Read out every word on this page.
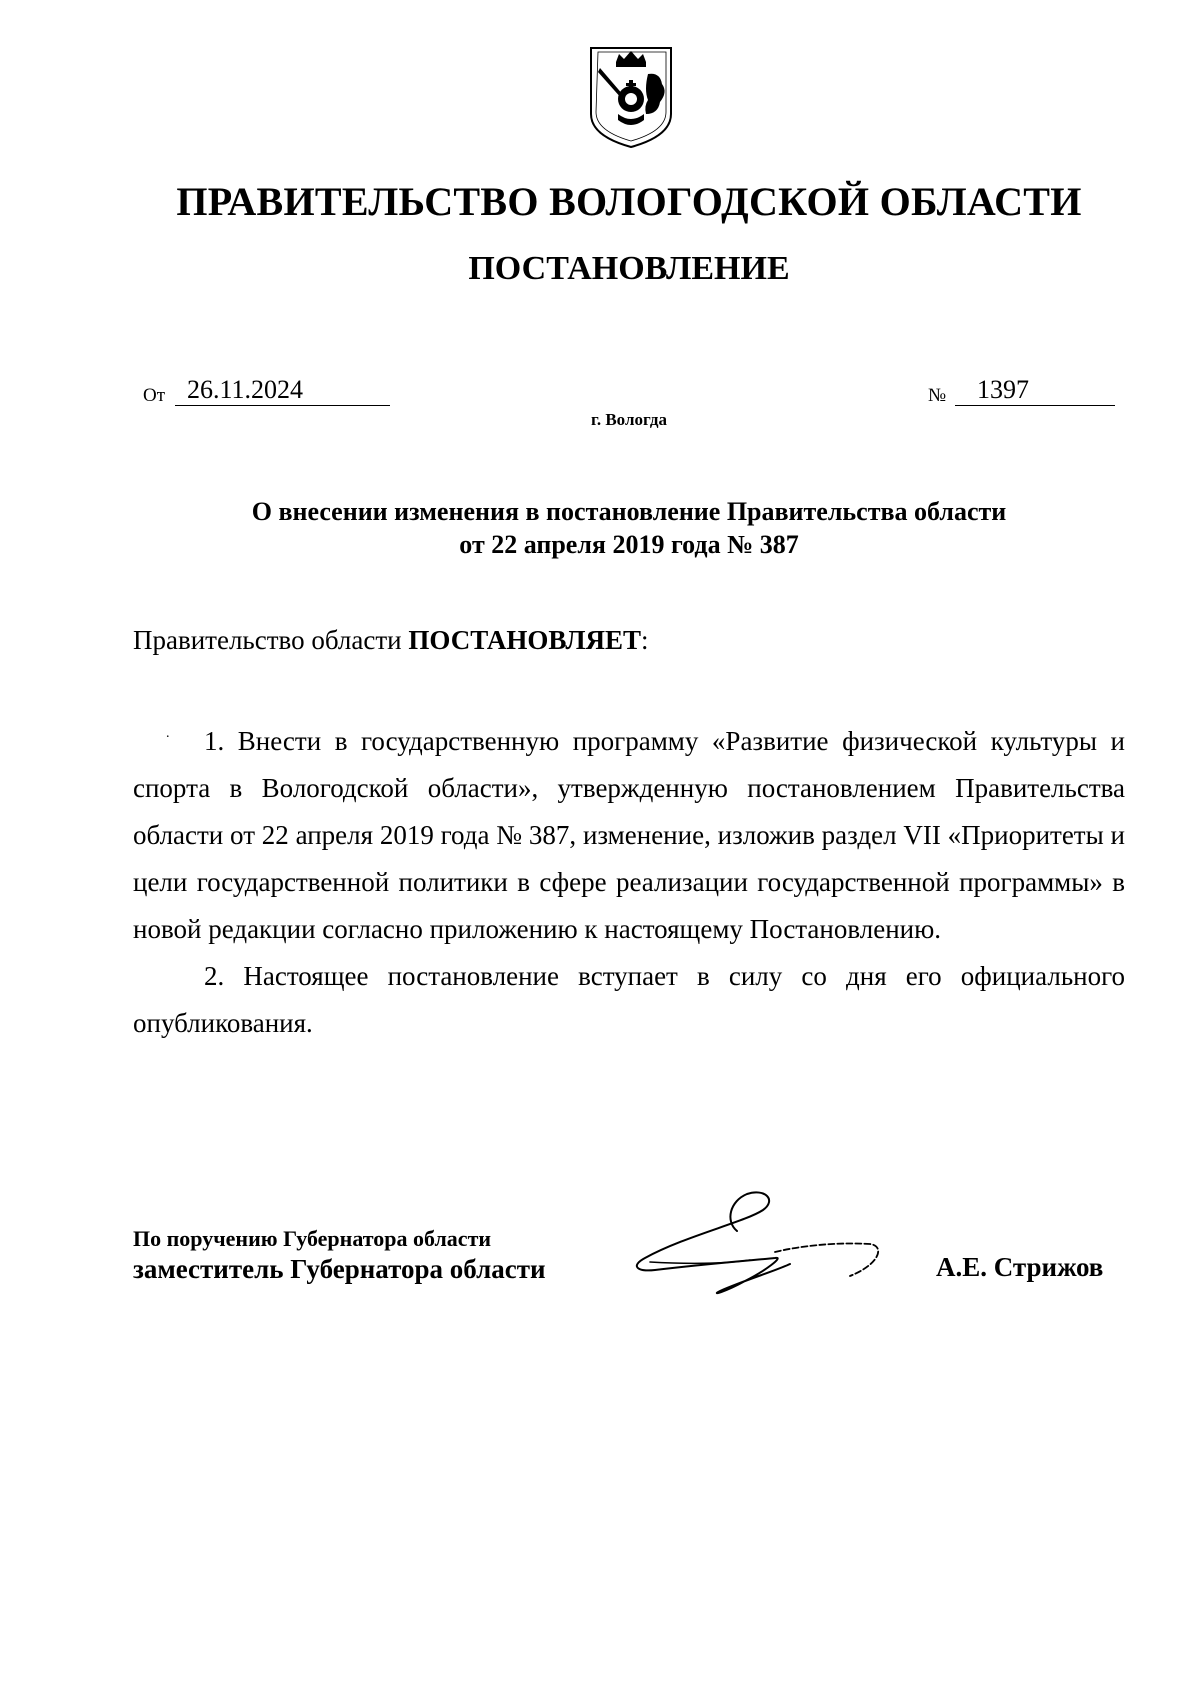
ПРАВИТЕЛЬСТВО ВОЛОГОДСКОЙ ОБЛАСТИ
ПОСТАНОВЛЕНИЕ
От 26.11.2024	№	1397
г. Вологда
О внесении изменения в постановление Правительства области
от 22 апреля 2019 года № 387
Правительство области ПОСТАНОВЛЯЕТ:
.	1. Внести в государственную программу «Развитие физической культуры и спорта в Вологодской области», утвержденную постановлением Правительства области от 22 апреля 2019 года № 387, изменение, изложив раздел VII «Приоритеты и цели государственной политики в сфере реализации государственной программы» в новой редакции согласно приложению к настоящему Постановлению.

2. Настоящее постановление вступает в силу со дня его официального опубликования.

По поручению Губернатора области
заместитель Губернатора области	А.Е. Стрижов
